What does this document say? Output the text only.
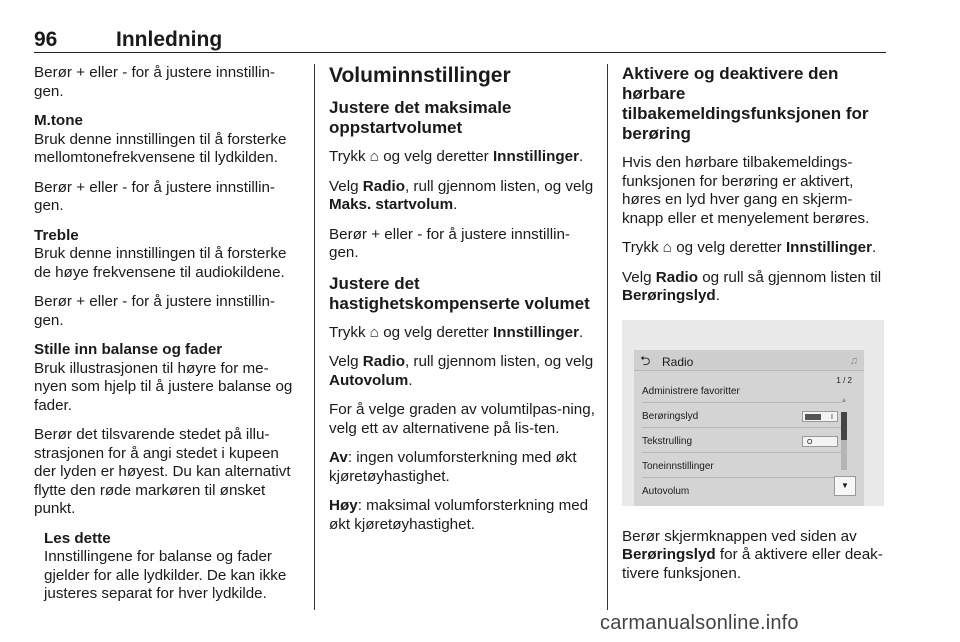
96	Innledning

Berør + eller - for å justere innstillin-gen.

M.tone

Bruk denne innstillingen til å forsterke mellomtonefrekvensene til lydkilden.

Berør + eller - for å justere innstillin-gen.

Treble

Bruk denne innstillingen til å forsterke de høye frekvensene til audiokildene.

Berør + eller - for å justere innstillin-gen.

Stille inn balanse og fader

Bruk illustrasjonen til høyre for me-nyen som hjelp til å justere balanse og fader.

Berør det tilsvarende stedet på illu-strasjonen for å angi stedet i kupeen der lyden er høyest. Du kan alternativt flytte den røde markøren til ønsket punkt.

Les dette

Innstillingene for balanse og fader gjelder for alle lydkilder. De kan ikke justeres separat for hver lydkilde.

Voluminnstillinger
Justere det maksimale oppstartvolumet

Trykk ⌂ og velg deretter Innstillinger.

Velg Radio, rull gjennom listen, og velg Maks. startvolum.

Berør + eller - for å justere innstillin-gen.

Justere det hastighetskompenserte volumet

Trykk ⌂ og velg deretter Innstillinger.

Velg Radio, rull gjennom listen, og velg Autovolum.

For å velge graden av volumtilpas-ning, velg ett av alternativene på lis-ten.

Av: ingen volumforsterkning med økt kjøretøyhastighet.

Høy: maksimal volumforsterkning med økt kjøretøyhastighet.

Aktivere og deaktivere den hørbare tilbakemeldingsfunksjonen for berøring

Hvis den hørbare tilbakemeldings-funksjonen for berøring er aktivert, høres en lyd hver gang en skjerm-knapp eller et menyelement berøres.

Trykk ⌂ og velg deretter Innstillinger.

Velg Radio og rull så gjennom listen til Berøringslyd.

⮌ Radio	♫
1 / 2
Administrere favoritter
Berøringslyd	I
Tekstrulling	O
Toneinnstillinger
Autovolum
▲
▼

Berør skjermknappen ved siden av Berøringslyd for å aktivere eller deak-tivere funksjonen.

carmanualsonline.info
